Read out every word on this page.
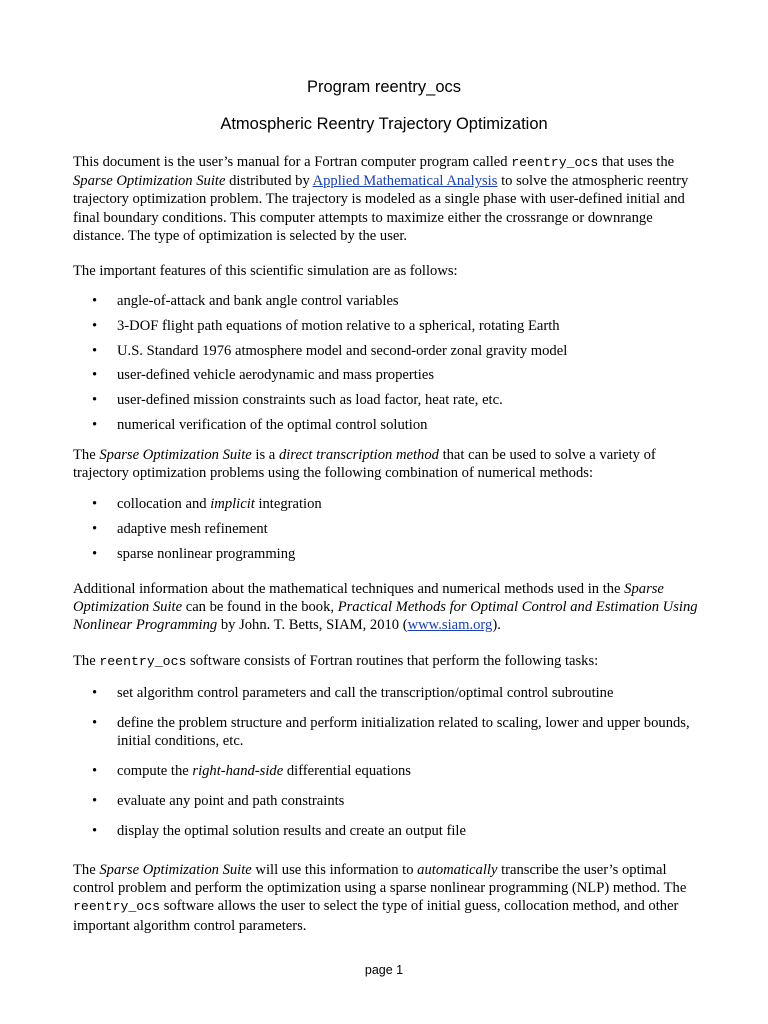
Program reentry_ocs
Atmospheric Reentry Trajectory Optimization

This document is the user’s manual for a Fortran computer program called reentry_ocs that uses the Sparse Optimization Suite distributed by Applied Mathematical Analysis to solve the atmospheric reentry trajectory optimization problem. The trajectory is modeled as a single phase with user-defined initial and final boundary conditions. This computer attempts to maximize either the crossrange or downrange distance. The type of optimization is selected by the user.

The important features of this scientific simulation are as follows:

• angle-of-attack and bank angle control variables
• 3-DOF flight path equations of motion relative to a spherical, rotating Earth
• U.S. Standard 1976 atmosphere model and second-order zonal gravity model
• user-defined vehicle aerodynamic and mass properties
• user-defined mission constraints such as load factor, heat rate, etc.
• numerical verification of the optimal control solution

The Sparse Optimization Suite is a direct transcription method that can be used to solve a variety of trajectory optimization problems using the following combination of numerical methods:

• collocation and implicit integration
• adaptive mesh refinement
• sparse nonlinear programming

Additional information about the mathematical techniques and numerical methods used in the Sparse Optimization Suite can be found in the book, Practical Methods for Optimal Control and Estimation Using Nonlinear Programming by John. T. Betts, SIAM, 2010 (www.siam.org).

The reentry_ocs software consists of Fortran routines that perform the following tasks:

• set algorithm control parameters and call the transcription/optimal control subroutine
• define the problem structure and perform initialization related to scaling, lower and upper bounds, initial conditions, etc.
• compute the right-hand-side differential equations
• evaluate any point and path constraints
• display the optimal solution results and create an output file

The Sparse Optimization Suite will use this information to automatically transcribe the user’s optimal control problem and perform the optimization using a sparse nonlinear programming (NLP) method. The reentry_ocs software allows the user to select the type of initial guess, collocation method, and other important algorithm control parameters.

page 1
